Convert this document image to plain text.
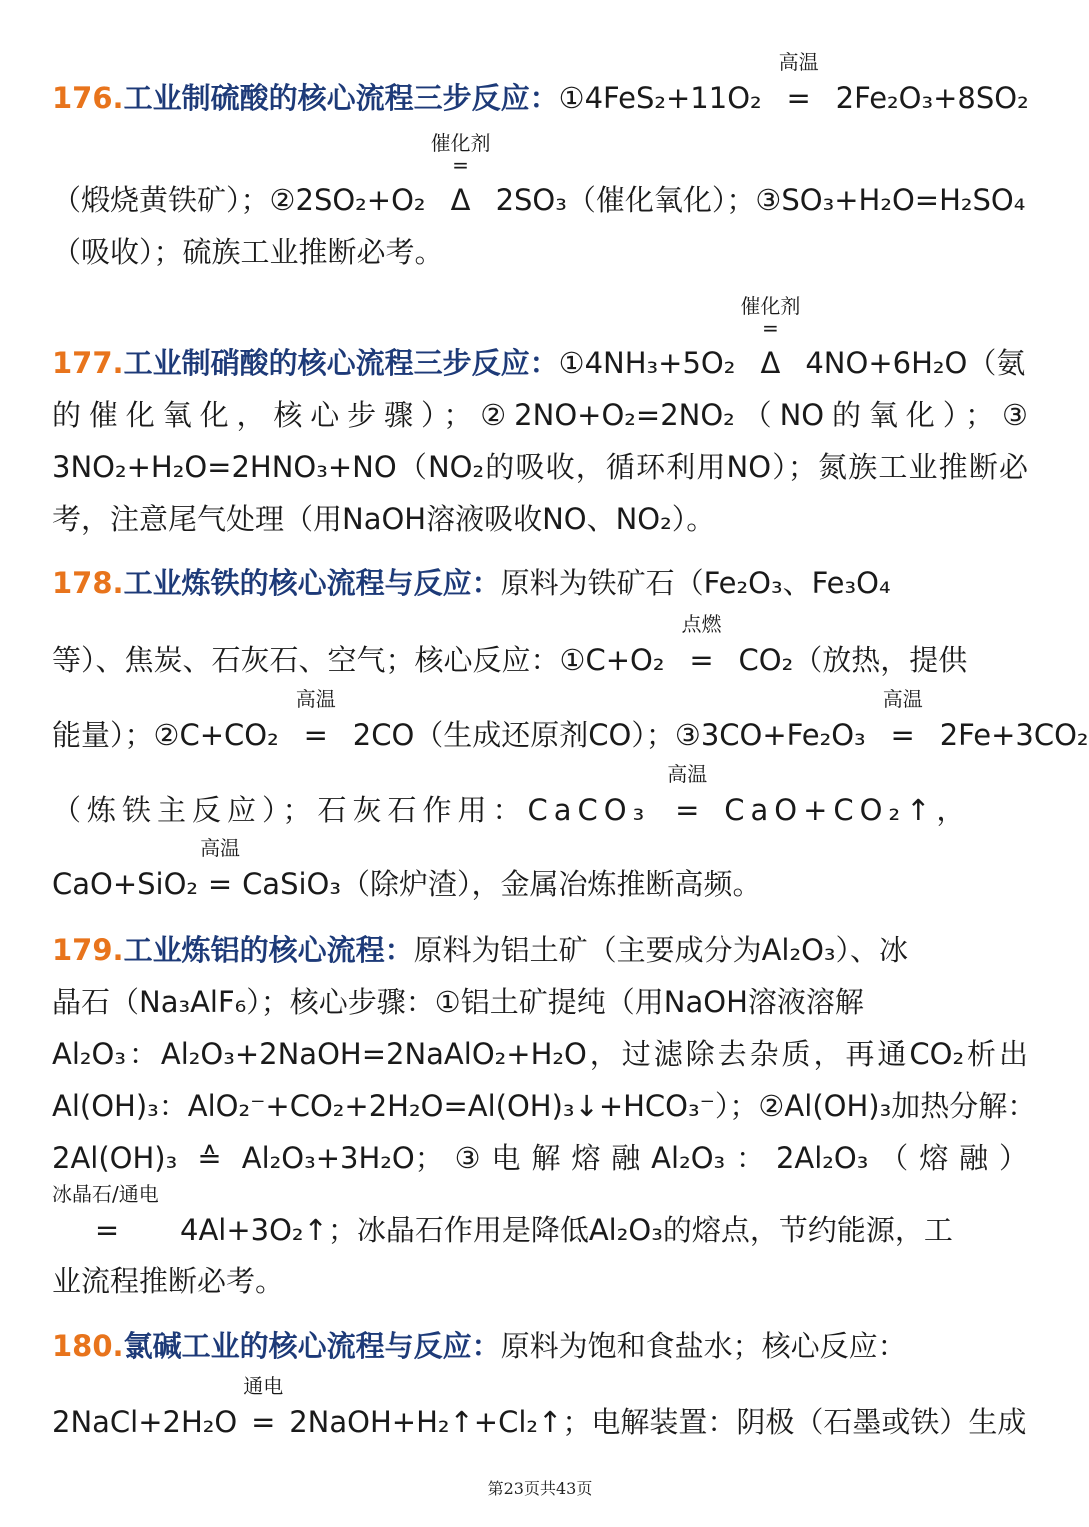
176.工业制硫酸的核心流程三步反应：①4FeS₂+11O₂
高温
= 2Fe₂O₃+8SO₂
（煅烧黄铁矿）；②2SO₂+O₂
催化剂
=
Δ 2SO₃（催化氧化）；③SO₃+H₂O=H₂SO₄
（吸收）；硫族工业推断必考。
177.工业制硝酸的核心流程三步反应：①4NH₃+5O₂
催化剂
=
Δ 4NO+6H₂O（氨
的催化氧化，核心步骤）；②2NO+O₂=2NO₂（NO的氧化）；③
3NO₂+H₂O=2HNO₃+NO（NO₂的吸收，循环利用NO）；氮族工业推断必
考，注意尾气处理（用NaOH溶液吸收NO、NO₂）。
178.工业炼铁的核心流程与反应：原料为铁矿石（Fe₂O₃、Fe₃O₄
等）、焦炭、石灰石、空气；核心反应：①C+O₂
点燃
= CO₂（放热，提供
能量）；②C+CO₂
高温
= 2CO（生成还原剂CO）；③3CO+Fe₂O₃
高温
= 2Fe+3CO₂
（炼铁主反应）；石灰石作用：CaCO₃
高温
= CaO+CO₂↑，
CaO+SiO₂
高温
= CaSiO₃（除炉渣），金属冶炼推断高频。
179.工业炼铝的核心流程：原料为铝土矿（主要成分为Al₂O₃）、冰
晶石（Na₃AlF₆）；核心步骤：①铝土矿提纯（用NaOH溶液溶解
Al₂O₃：Al₂O₃+2NaOH=2NaAlO₂+H₂O，过滤除去杂质，再通CO₂析出
Al(OH)₃：AlO₂⁻+CO₂+2H₂O=Al(OH)₃↓+HCO₃⁻）；②Al(OH)₃加热分解：
2Al(OH)₃ ≙ Al₂O₃+3H₂O；③电解熔融Al₂O₃：2Al₂O₃（熔融）
冰晶石/通电
= 4Al+3O₂↑；冰晶石作用是降低Al₂O₃的熔点，节约能源，工
业流程推断必考。
180.氯碱工业的核心流程与反应：原料为饱和食盐水；核心反应：
2NaCl+2H₂O
通电
= 2NaOH+H₂↑+Cl₂↑；电解装置：阴极（石墨或铁）生成
第23页共43页
